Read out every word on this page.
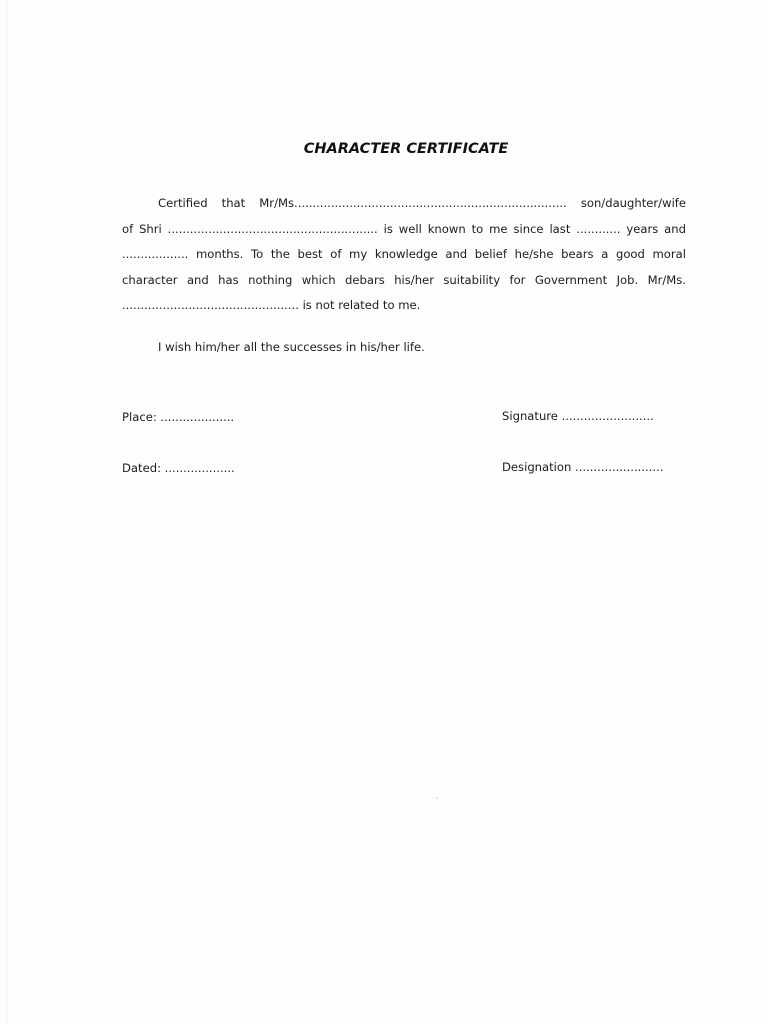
CHARACTER CERTIFICATE
Certified that Mr/Ms.......................................................................... son/daughter/wife
of Shri ......................................................... is well known to me since last ............ years and
.................. months. To the best of my knowledge and belief he/she bears a good moral
character and has nothing which debars his/her suitability for Government Job. Mr/Ms.
................................................ is not related to me.
I wish him/her all the successes in his/her life.
Place: ....................	Signature .........................
Dated: ...................	Designation ........................
